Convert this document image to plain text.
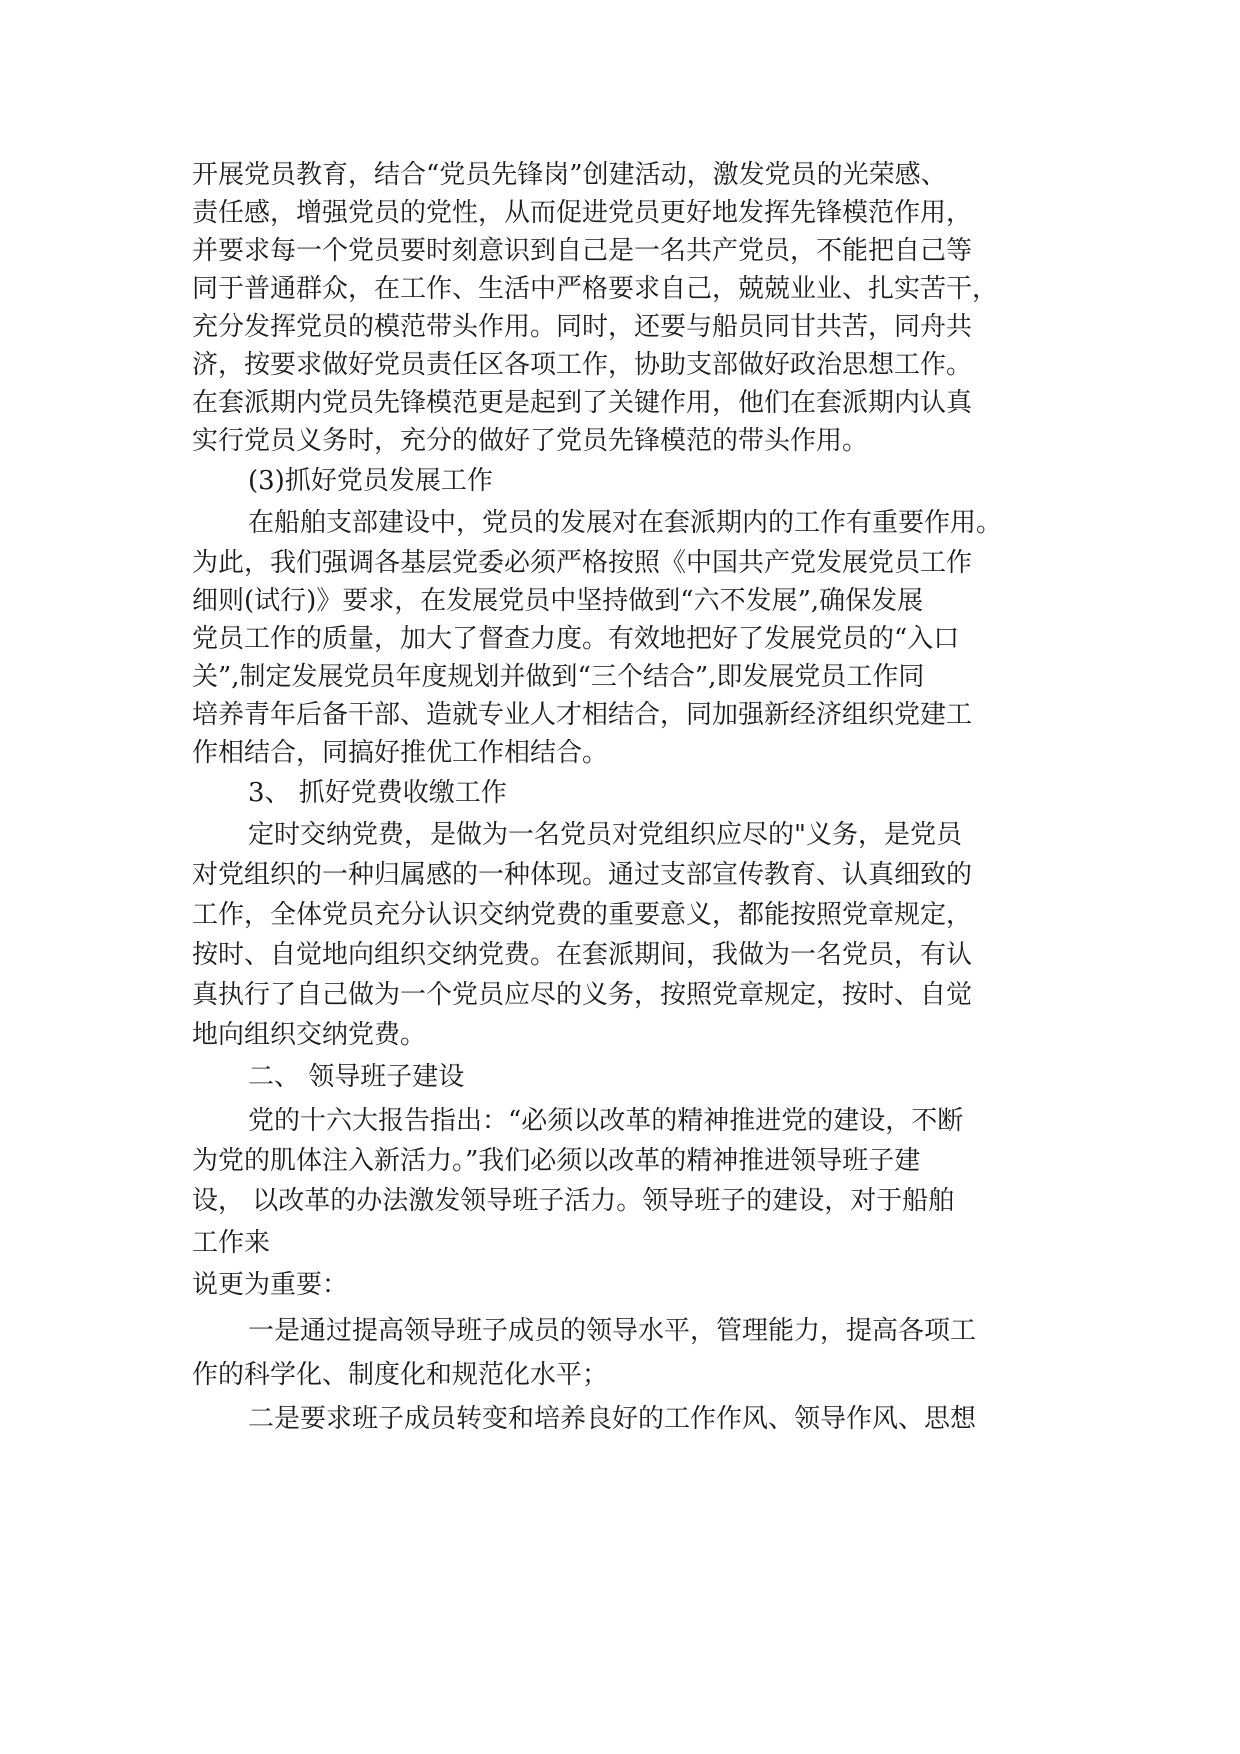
开展党员教育，结合“党员先锋岗”创建活动，激发党员的光荣感、
责任感，增强党员的党性，从而促进党员更好地发挥先锋模范作用，
并要求每一个党员要时刻意识到自己是一名共产党员，不能把自己等
同于普通群众，在工作、生活中严格要求自己，兢兢业业、扎实苦干，
充分发挥党员的模范带头作用。同时，还要与船员同甘共苦，同舟共
济，按要求做好党员责任区各项工作，协助支部做好政治思想工作。
在套派期内党员先锋模范更是起到了关键作用，他们在套派期内认真
实行党员义务时，充分的做好了党员先锋模范的带头作用。
(3)抓好党员发展工作
在船舶支部建设中，党员的发展对在套派期内的工作有重要作用。
为此，我们强调各基层党委必须严格按照《中国共产党发展党员工作
细则(试行)》要求，在发展党员中坚持做到“六不发展”,确保发展
党员工作的质量，加大了督查力度。有效地把好了发展党员的“入口
关”,制定发展党员年度规划并做到“三个结合”,即发展党员工作同
培养青年后备干部、造就专业人才相结合，同加强新经济组织党建工
作相结合，同搞好推优工作相结合。
3、 抓好党费收缴工作
定时交纳党费，是做为一名党员对党组织应尽的"义务，是党员
对党组织的一种归属感的一种体现。通过支部宣传教育、认真细致的
工作，全体党员充分认识交纳党费的重要意义，都能按照党章规定，
按时、自觉地向组织交纳党费。在套派期间，我做为一名党员，有认
真执行了自己做为一个党员应尽的义务，按照党章规定，按时、自觉
地向组织交纳党费。
二、 领导班子建设
党的十六大报告指出：“必须以改革的精神推进党的建设，不断
为党的肌体注入新活力。”我们必须以改革的精神推进领导班子建
设， 以改革的办法激发领导班子活力。领导班子的建设，对于船舶
工作来
说更为重要：
一是通过提高领导班子成员的领导水平，管理能力，提高各项工
作的科学化、制度化和规范化水平；
二是要求班子成员转变和培养良好的工作作风、领导作风、思想
